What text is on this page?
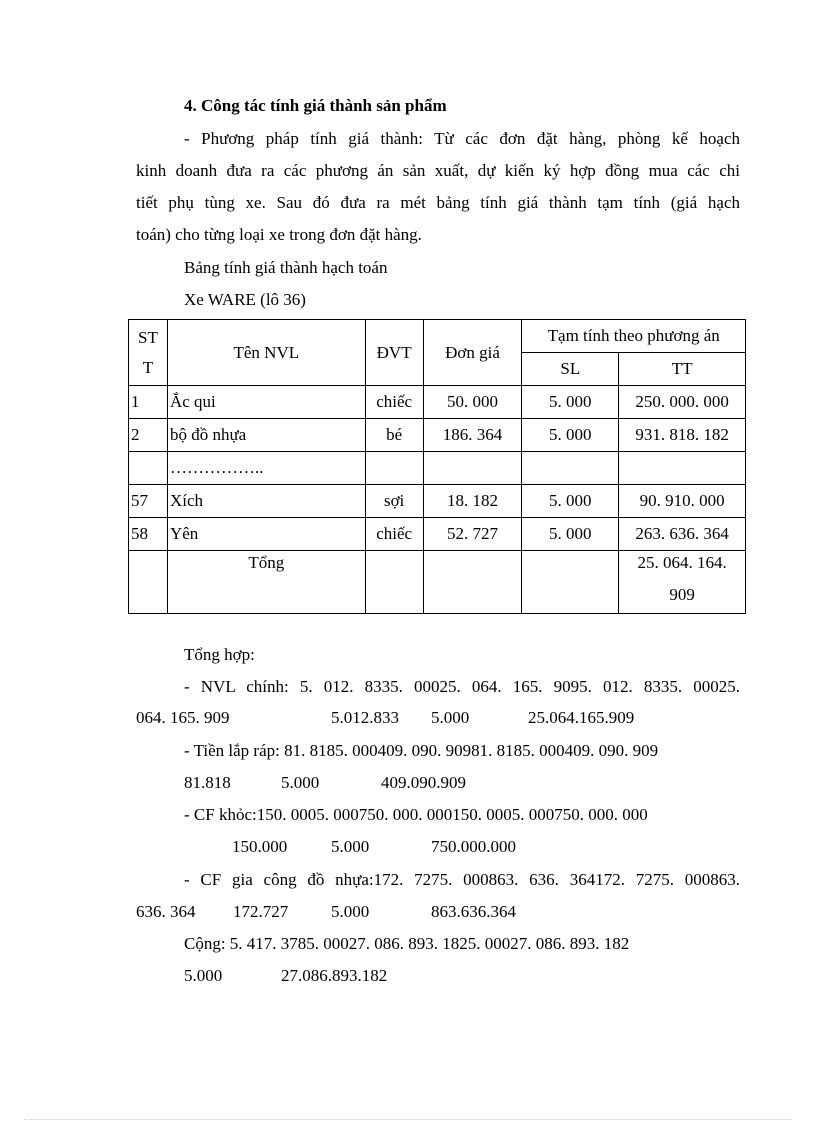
4. Công tác tính giá thành sản phẩm
- Phương pháp tính giá thành: Từ các đơn đặt hàng, phòng kế hoạch
kinh doanh đưa ra các phương án sản xuất, dự kiến ký hợp đồng mua các chi
tiết phụ tùng xe. Sau đó đưa ra mét bảng tính giá thành tạm tính (giá hạch
toán) cho từng loại xe trong đơn đặt hàng.
Bảng tính giá thành hạch toán
Xe WARE (lô 36)
ST
T	Tên NVL	ĐVT	Đơn giá	Tạm tính theo phương án	
				SL	TT
1	Ắc qui	chiếc	50. 000	5. 000	250. 000. 000
2	bộ đồ nhựa	bé	186. 364	5. 000	931. 818. 182
	……………..				
57	Xích	sợi	18. 182	5. 000	90. 910. 000
58	Yên	chiếc	52. 727	5. 000	263. 636. 364
	Tổng				25. 064. 164.
909
Tổng hợp:
- NVL chính: 5. 012. 8335. 00025. 064. 165. 9095. 012. 8335. 00025.
064. 165. 909	5.012.833 5.000	25.064.165.909
- Tiền lắp ráp: 81. 8185. 000409. 090. 90981. 8185. 000409. 090. 909
81.818	5.000	409.090.909
- CF khỏc:150. 0005. 000750. 000. 000150. 0005. 000750. 000. 000
150.000	5.000	750.000.000
- CF gia công đồ nhựa:172. 7275. 000863. 636. 364172. 7275. 000863.
636. 364 172.727	5.000	863.636.364
Cộng: 5. 417. 3785. 00027. 086. 893. 1825. 00027. 086. 893. 182
5.000	27.086.893.182
